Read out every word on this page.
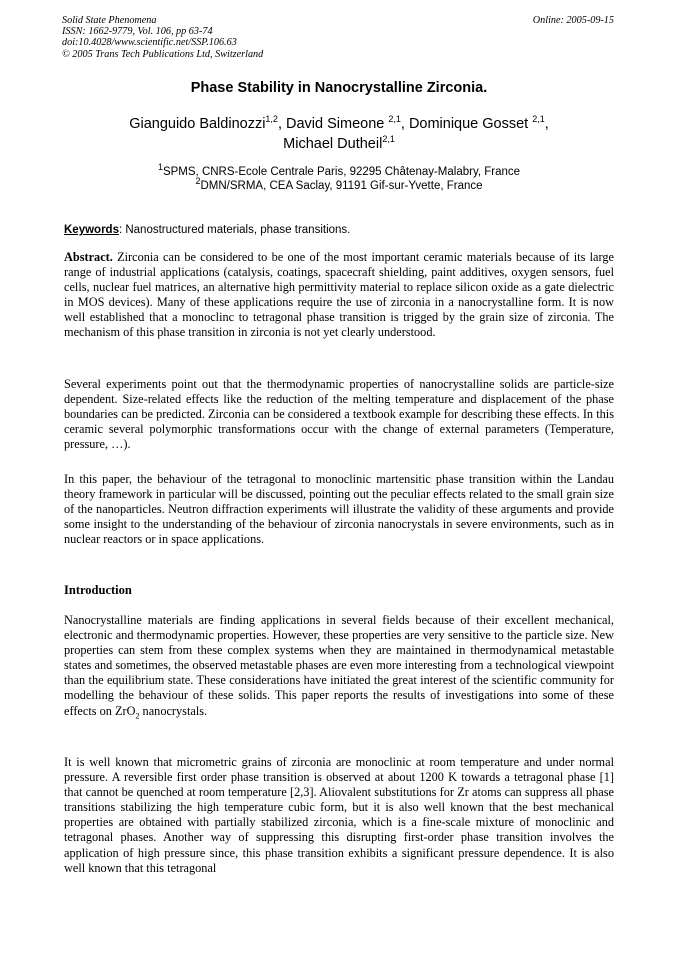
Solid State Phenomena
ISSN: 1662-9779, Vol. 106, pp 63-74
doi:10.4028/www.scientific.net/SSP.106.63
© 2005 Trans Tech Publications Ltd, Switzerland
Online: 2005-09-15
Phase Stability in Nanocrystalline Zirconia.
Gianguido Baldinozzi$^{1,2}$, David Simeone $^{2,1}$, Dominique Gosset $^{2,1}$,
Michael Dutheil$^{2,1}$
$^1$SPMS, CNRS-Ecole Centrale Paris, 92295 Châtenay-Malabry, France
$^2$DMN/SRMA, CEA Saclay, 91191 Gif-sur-Yvette, France
Keywords: Nanostructured materials, phase transitions.

Abstract. Zirconia can be considered to be one of the most important ceramic materials because of its large range of industrial applications (catalysis, coatings, spacecraft shielding, paint additives, oxygen sensors, fuel cells, nuclear fuel matrices, an alternative high permittivity material to replace silicon oxide as a gate dielectric in MOS devices). Many of these applications require the use of zirconia in a nanocrystalline form. It is now well established that a monoclinc to tetragonal phase transition is trigged by the grain size of zirconia. The mechanism of this phase transition in zirconia is not yet clearly understood.

Several experiments point out that the thermodynamic properties of nanocrystalline solids are particle-size dependent. Size-related effects like the reduction of the melting temperature and displacement of the phase boundaries can be predicted. Zirconia can be considered a textbook example for describing these effects. In this ceramic several polymorphic transformations occur with the change of external parameters (Temperature, pressure, …).

In this paper, the behaviour of the tetragonal to monoclinic martensitic phase transition within the Landau theory framework in particular will be discussed, pointing out the peculiar effects related to the small grain size of the nanoparticles. Neutron diffraction experiments will illustrate the validity of these arguments and provide some insight to the understanding of the behaviour of zirconia nanocrystals in severe environments, such as in nuclear reactors or in space applications.

Introduction

Nanocrystalline materials are finding applications in several fields because of their excellent mechanical, electronic and thermodynamic properties. However, these properties are very sensitive to the particle size. New properties can stem from these complex systems when they are maintained in thermodynamical metastable states and sometimes, the observed metastable phases are even more interesting from a technological viewpoint than the equilibrium state. These considerations have initiated the great interest of the scientific community for modelling the behaviour of these solids. This paper reports the results of investigations into some of these effects on ZrO$_2$ nanocrystals.

It is well known that micrometric grains of zirconia are monoclinic at room temperature and under normal pressure. A reversible first order phase transition is observed at about 1200 K towards a tetragonal phase [1] that cannot be quenched at room temperature [2,3]. Aliovalent substitutions for Zr atoms can suppress all phase transitions stabilizing the high temperature cubic form, but it is also well known that the best mechanical properties are obtained with partially stabilized zirconia, which is a fine-scale mixture of monoclinic and tetragonal phases. Another way of suppressing this disrupting first-order phase transition involves the application of high pressure since, this phase transition exhibits a significant pressure dependence. It is also well known that this tetragonal
